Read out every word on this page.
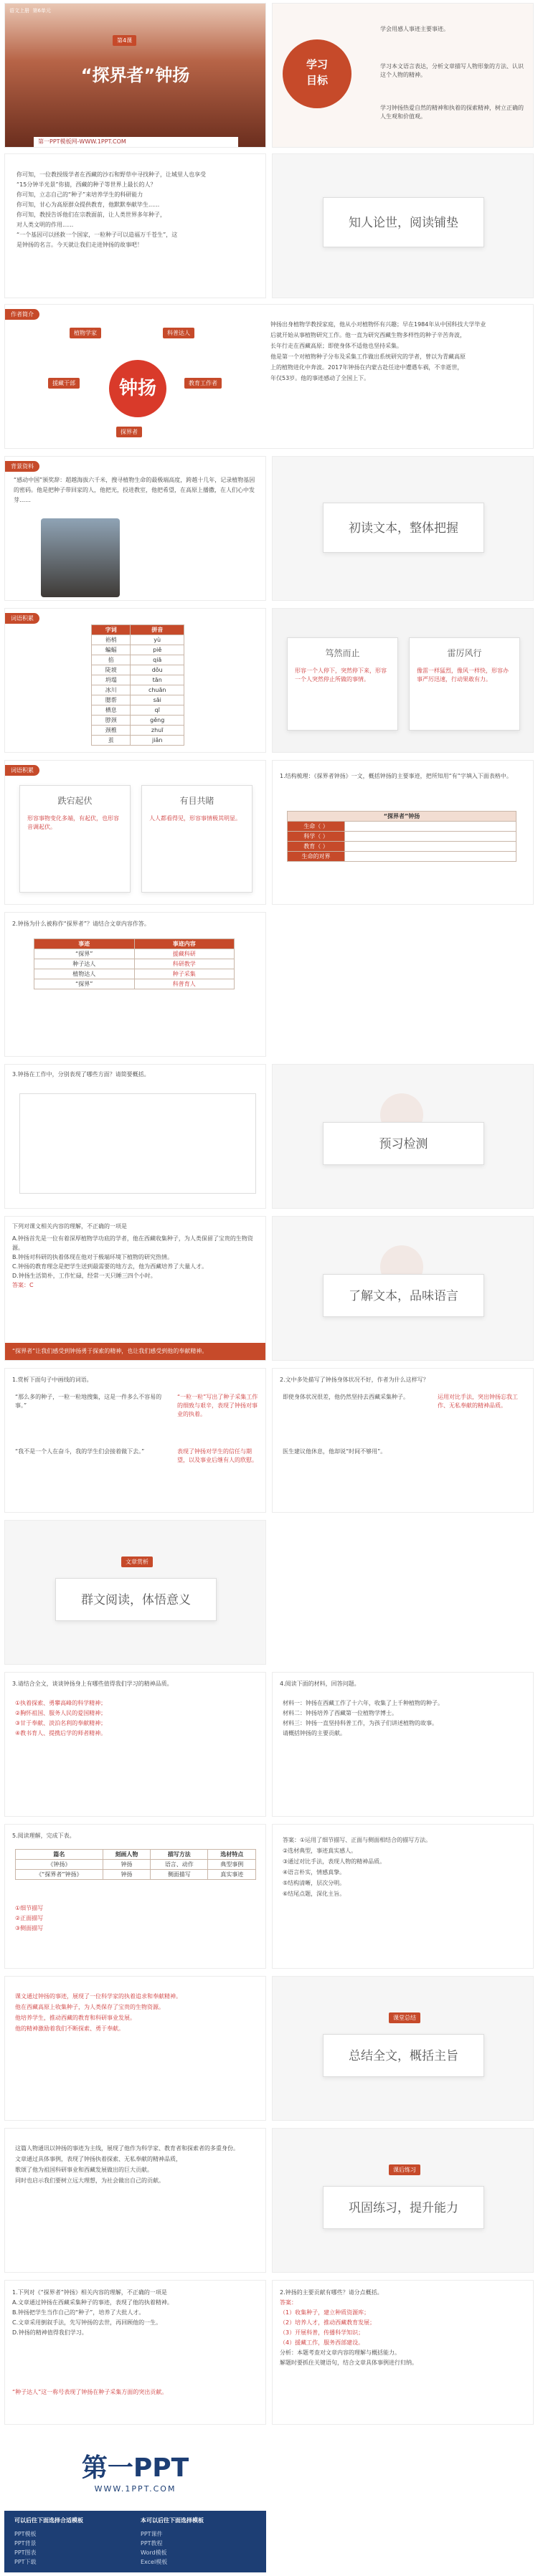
语文上册  第6单元
第4课
“探界者”钟扬
第一PPT模板网-WWW.1PPT.COM
学习
目标
学会用感人事迹主要事迹。
学习本文语言表达，分析文章描写人物形象的方法、认识这个人物的精神。
学习钟扬热爱自然的精神和执着的探索精神，树立正确的人生观和价值观。
你可知，一位教授级学者在西藏的沙石和野草中寻找种子，让城里人也享受
“15分钟半光景”你猜，西藏的种子等世界上最长的人？
你可知，立志自己的“种子”来培养学生的科研能力
你可知，甘心为高原群众提供教育，他默默奉献毕生......
你可知，教授告诉他们在宗教面前，让人类世界多年种子，
对人类文明的作用......
“一个基因可以拯救一个国家，一粒种子可以造福万千苍生”，这
是钟扬的名言。今天就让我们走进钟扬的故事吧！
知人论世，阅读铺垫
作者简介
钟扬
植物学家	科普达人
援藏干部	教育工作者
探界者
钟扬出身植物学教授家庭，他从小对植物怀有兴趣；早在1984年从中国科技大学毕业
后就开始从事植物研究工作。他一直为研究西藏生物多样性的种子辛苦奔波，
长年行走在西藏高原；即使身体不适他也坚持采集。
他是第一个对植物种子分布及采集工作做出系统研究的学者，曾以为青藏高原
上的植物进化中奔波。2017年钟扬在内蒙古赴任途中遭遇车祸，不幸逝世，
年仅53岁。他的事迹感动了全国上下。
背景资料
“感动中国”颁奖辞：超越海拔六千米，搜寻植物生命的最极端高度，跨越十几年，记录植物基因的密码。他是把种子带回家的人，他把光，投进教室，他把希望，在高原上播撒，在人们心中发芽……
初读文本，整体把握
词语积累
字词	拼音
裕梢	yù
蝙蝠	piě
掐	qiā
陡坡	dǒu
坍塌	tān
冰川	chuān
腮帮	sāi
栖息	qī
脖颈	gěng
颈椎	zhuī
茧	jiǎn
笃然而止
形容一个人停下，突然停下来，形容一个人突然停止所做的事情。
雷厉风行
像雷一样猛烈，像风一样快，形容办事严厉迅速，行动果敢有力。
词语积累
跌宕起伏
形容事物变化多端，有起伏，也形容音调起伏。
有目共睹
人人都看得见，形容事情极其明显。
1.结构梳理：《探界者钟扬》一文，概括钟扬的主要事迹，把所知用“有”字填入下面表格中。
“探界者”钟扬	
生命（ ）	
科学（ ）	
教育（ ）	
生命的对界	
2.钟扬为什么被称作“探界者”？请结合文章内容作答。
事迹	事迹内容
“探界”	援藏科研
种子达人	科研教学
植物达人	种子采集
“探界”	科普育人
3.钟扬在工作中，分别表现了哪些方面？请简要概括。
预习检测
下列对课文相关内容的理解，不正确的一项是
A.钟扬首先是一位有着深厚植物学功底的学者，他在西藏收集种子，为人类保留了宝贵的生物资源。
B.钟扬对科研的执着体现在他对于极端环境下植物的研究热情。
C.钟扬的教育理念是把学生送到最需要的地方去，他为西藏培养了大量人才。
D.钟扬生活简朴，工作忙碌，经常一天只睡三四个小时。
答案：C
“探界者”让我们感受到钟扬勇于探索的精神，也让我们感受到他的奉献精神。
了解文本，品味语言
1.赏析下面句子中画线的词语。
“那么多的种子，一粒一粒地搜集，这是一件多么不容易的事。”
“一粒一粒”写出了种子采集工作的细致与艰辛，表现了钟扬对事业的执着。
“我不是一个人在奋斗，我的学生们会接着做下去。”	表现了钟扬对学生的信任与期望，以及事业后继有人的欣慰。
2.文中多处描写了钟扬身体状况不好，作者为什么这样写？
即使身体状况很差，他仍然坚持去西藏采集种子。	运用对比手法，突出钟扬忘我工作、无私奉献的精神品质。
医生建议他休息，他却说“时间不够用”。
文章赏析
群文阅读，体悟意义
3.请结合全文，谈谈钟扬身上有哪些值得我们学习的精神品质。
①执着探索、勇攀高峰的科学精神；
②胸怀祖国、服务人民的爱国精神；
③甘于奉献、淡泊名利的奉献精神；
④教书育人、提携后学的师者精神。
4.阅读下面的材料，回答问题。
材料一：钟扬在西藏工作了十六年，收集了上千种植物的种子。
材料二：钟扬培养了西藏第一位植物学博士。
材料三：钟扬一直坚持科普工作，为孩子们讲述植物的故事。
请概括钟扬的主要贡献。
5.阅读理解，完成下表。
篇名	刻画人物	描写方法	选材特点
《钟扬》	钟扬	语言、动作	典型事例
《“探界者”钟扬》	钟扬	侧面描写	真实事迹
①细节描写
②正面描写
③侧面描写
答案：①运用了细节描写、正面与侧面相结合的描写方法。
②选材典型，事迹真实感人。
③通过对比手法，表现人物的精神品质。
④语言朴实，情感真挚。
⑤结构清晰，层次分明。
⑥结尾点题，深化主旨。
课文通过钟扬的事迹，展现了一位科学家的执着追求和奉献精神。
他在西藏高原上收集种子，为人类保存了宝贵的生物资源。
他培养学生，推动西藏的教育和科研事业发展。
他的精神激励着我们不断探索、勇于奉献。
课堂总结
总结全文，概括主旨
这篇人物通讯以钟扬的事迹为主线，展现了他作为科学家、教育者和探索者的多重身份。
文章通过具体事例，表现了钟扬执着探索、无私奉献的精神品质，
歌颂了他为祖国科研事业和西藏发展做出的巨大贡献。
同时也启示我们要树立远大理想，为社会做出自己的贡献。
课后练习
巩固练习，提升能力
1.下列对《“探界者”钟扬》相关内容的理解，不正确的一项是
A.文章通过钟扬在西藏采集种子的事迹，表现了他的执着精神。
B.钟扬把学生当作自己的“种子”，培养了大批人才。
C.文章采用倒叙手法，先写钟扬的去世，再回顾他的一生。
D.钟扬的精神值得我们学习。
“种子达人”这一称号表现了钟扬在种子采集方面的突出贡献。
2.钟扬的主要贡献有哪些？请分点概括。
答案：
（1）收集种子，建立种质资源库；
（2）培养人才，推动西藏教育发展；
（3）开展科普，传播科学知识；
（4）援藏工作，服务西部建设。
分析：本题考查对文章内容的理解与概括能力。
解题时要抓住关键语句，结合文章具体事例进行归纳。
第一PPT
WWW.1PPT.COM
可以后往下面选择合适模板	本可以后往下面选择模板
PPT模板
PPT背景
PPT图表
PPT下载
PPT课件
PPT教程
Word模板
Excel模板
